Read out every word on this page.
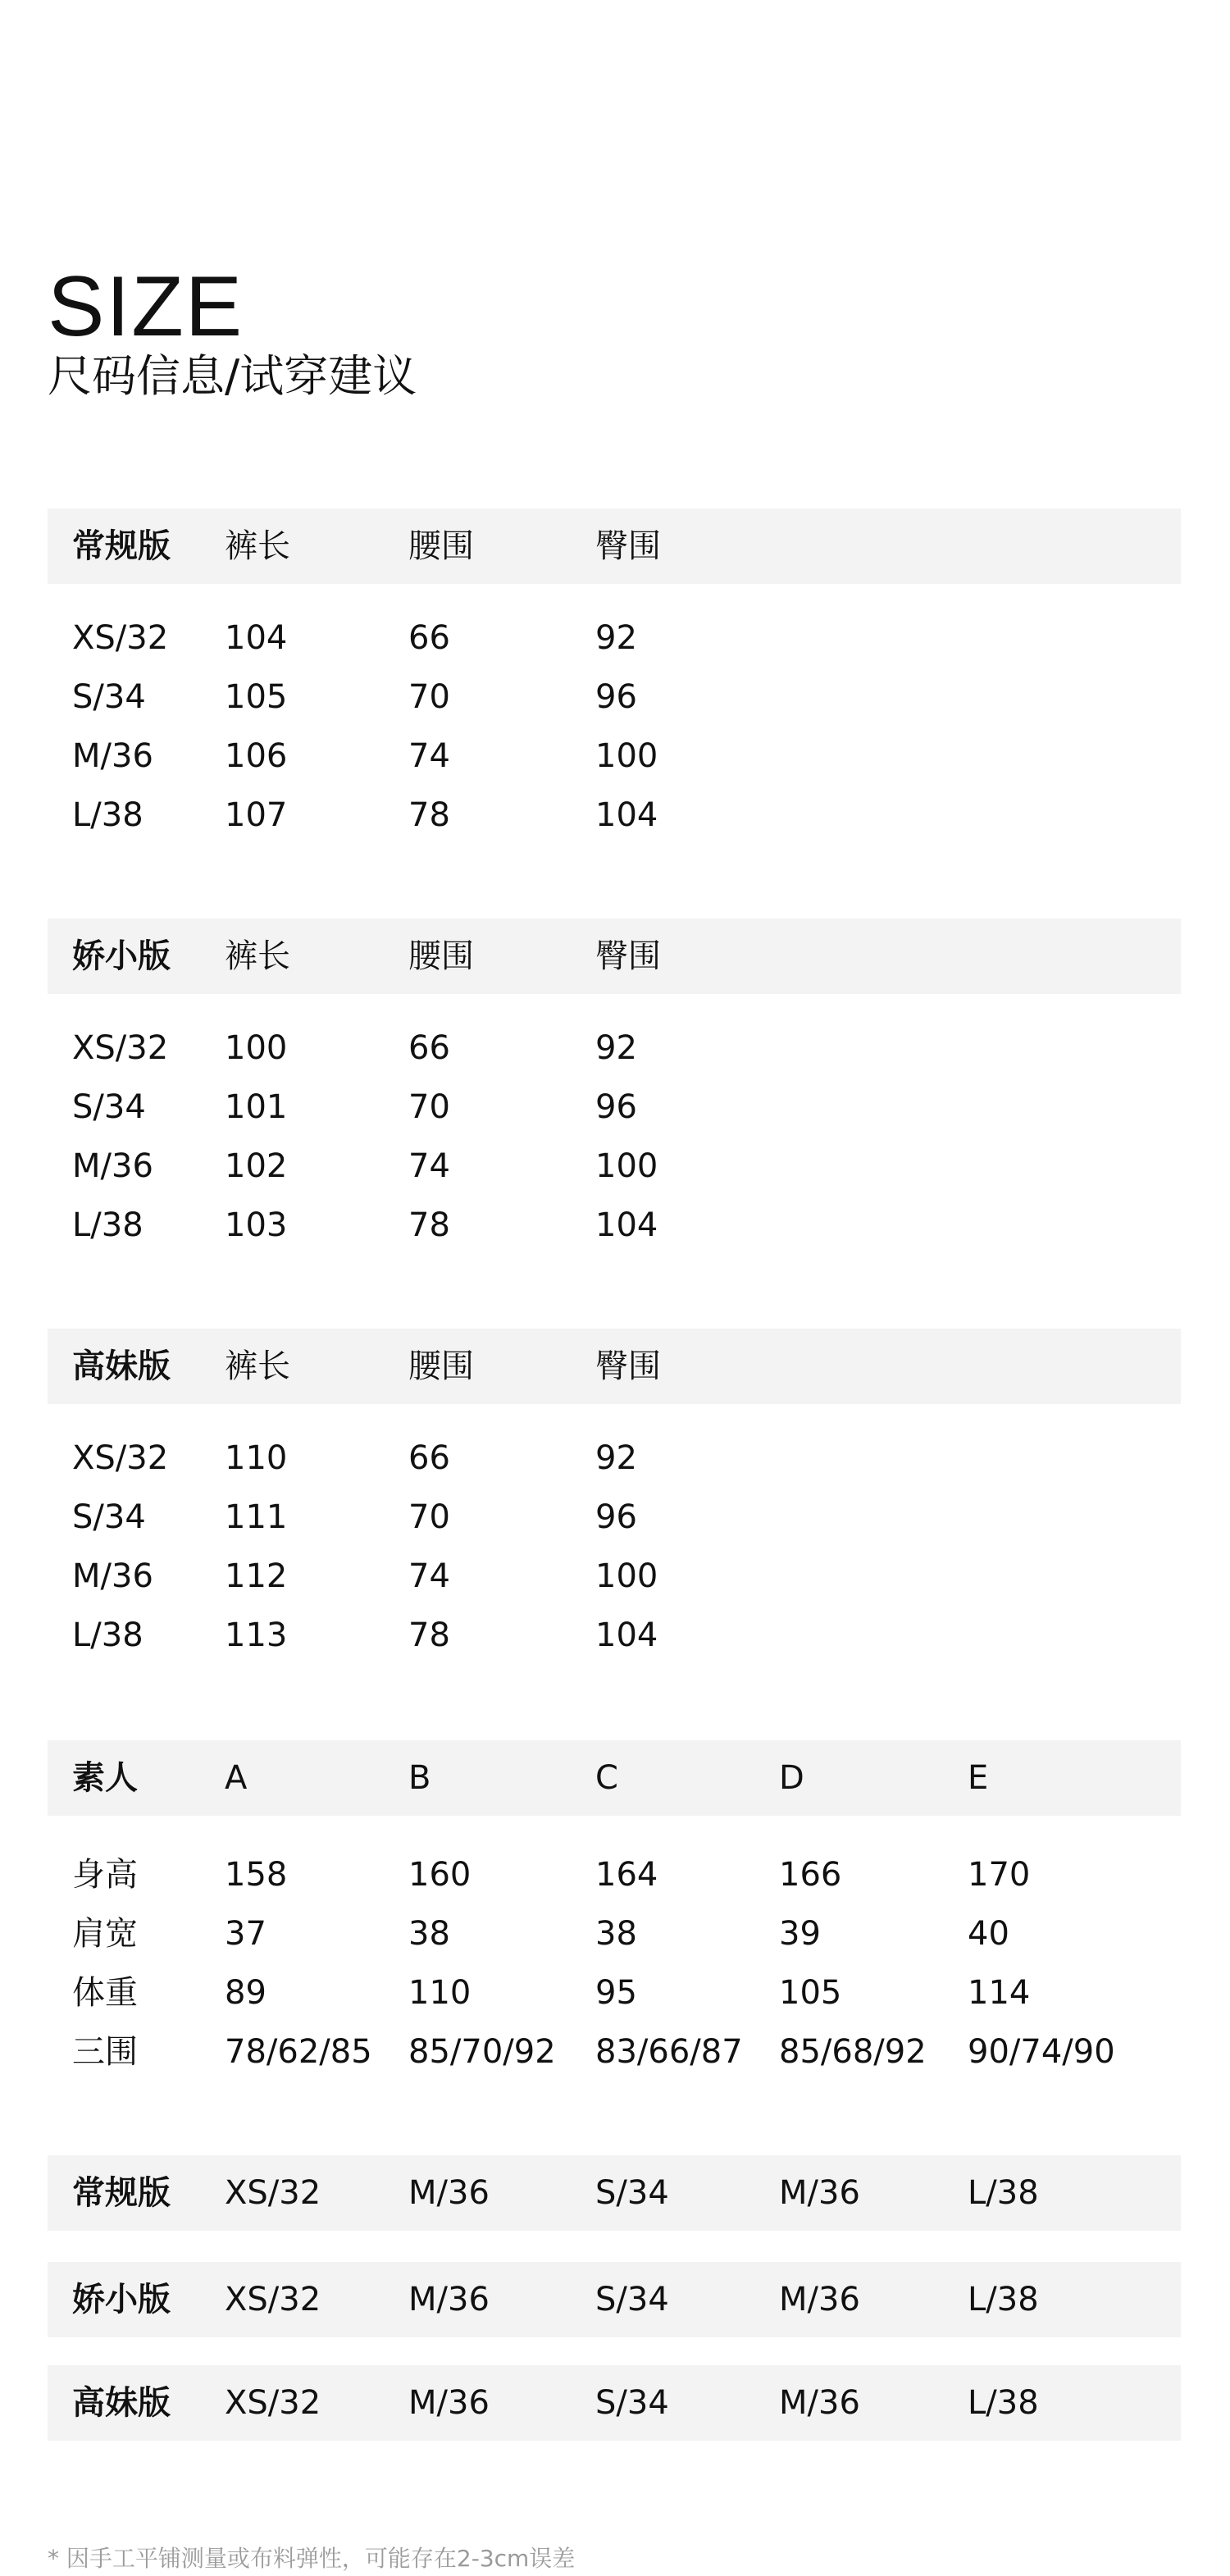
SIZE
尺码信息/试穿建议
常规版 裤长	腰围	臀围
XS/32 104	66	92
S/34 105	70	96
M/36 106	74	100
L/38 107	78	104
娇小版 裤长	腰围	臀围
XS/32 100	66	92
S/34 101	70	96
M/36 102	74	100
L/38 103	78	104
高妹版 裤长	腰围	臀围
XS/32 110	66	92
S/34 111	70	96
M/36 112	74	100
L/38 113	78	104
素人	A	B	C	D	E
身高	158	160	164	166	170
肩宽	37	38	38	39	40
体重	89	110	95	105	114
三围	78/62/85 85/70/92 83/66/87 85/68/92 90/74/90
常规版 XS/32	M/36	S/34	M/36	L/38
娇小版 XS/32	M/36	S/34	M/36	L/38
高妹版 XS/32	M/36	S/34	M/36	L/38
* 因手工平铺测量或布料弹性，可能存在2-3cm误差
